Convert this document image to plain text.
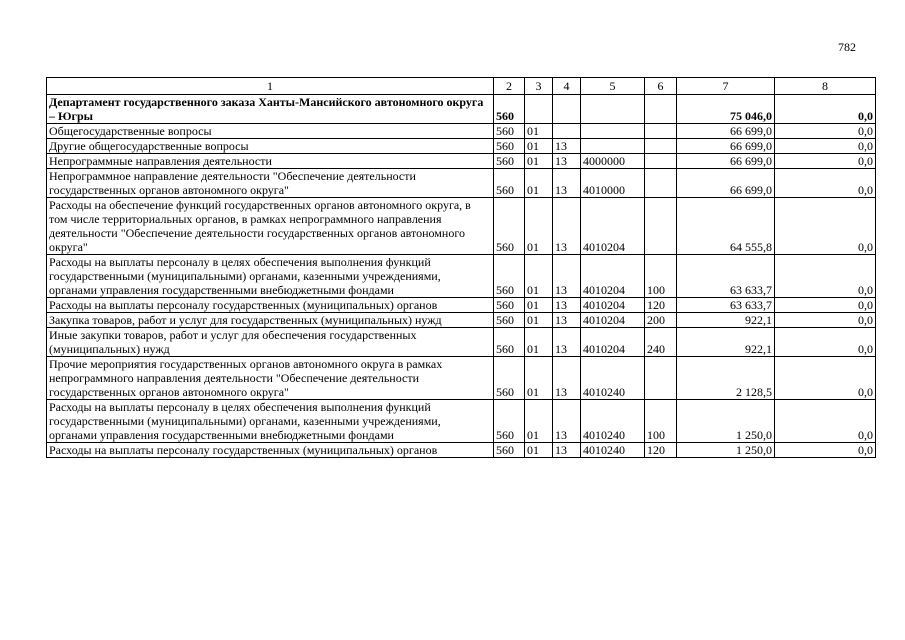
782
1	2	3	4	5	6	7	8
Департамент государственного заказа Ханты-Мансийского автономного округа – Югры	560					75 046,0	0,0
Общегосударственные вопросы	560	01				66 699,0	0,0
Другие общегосударственные вопросы	560	01	13			66 699,0	0,0
Непрограммные направления деятельности	560	01	13	4000000		66 699,0	0,0
Непрограммное направление деятельности "Обеспечение деятельности государственных органов автономного округа"	560	01	13	4010000		66 699,0	0,0
Расходы на обеспечение функций государственных органов автономного округа, в том числе территориальных органов, в рамках непрограммного направления деятельности "Обеспечение деятельности государственных органов автономного округа"	560	01	13	4010204		64 555,8	0,0
Расходы на выплаты персоналу в целях обеспечения выполнения функций государственными (муниципальными) органами, казенными учреждениями, органами управления государственными внебюджетными фондами	560	01	13	4010204	100	63 633,7	0,0
Расходы на выплаты персоналу государственных (муниципальных) органов	560	01	13	4010204	120	63 633,7	0,0
Закупка товаров, работ и услуг для государственных (муниципальных) нужд	560	01	13	4010204	200	922,1	0,0
Иные закупки товаров, работ и услуг для обеспечения государственных (муниципальных) нужд	560	01	13	4010204	240	922,1	0,0
Прочие мероприятия государственных органов автономного округа в рамках непрограммного направления деятельности "Обеспечение деятельности государственных органов автономного округа"	560	01	13	4010240		2 128,5	0,0
Расходы на выплаты персоналу в целях обеспечения выполнения функций государственными (муниципальными) органами, казенными учреждениями, органами управления государственными внебюджетными фондами	560	01	13	4010240	100	1 250,0	0,0
Расходы на выплаты персоналу государственных (муниципальных) органов	560	01	13	4010240	120	1 250,0	0,0
